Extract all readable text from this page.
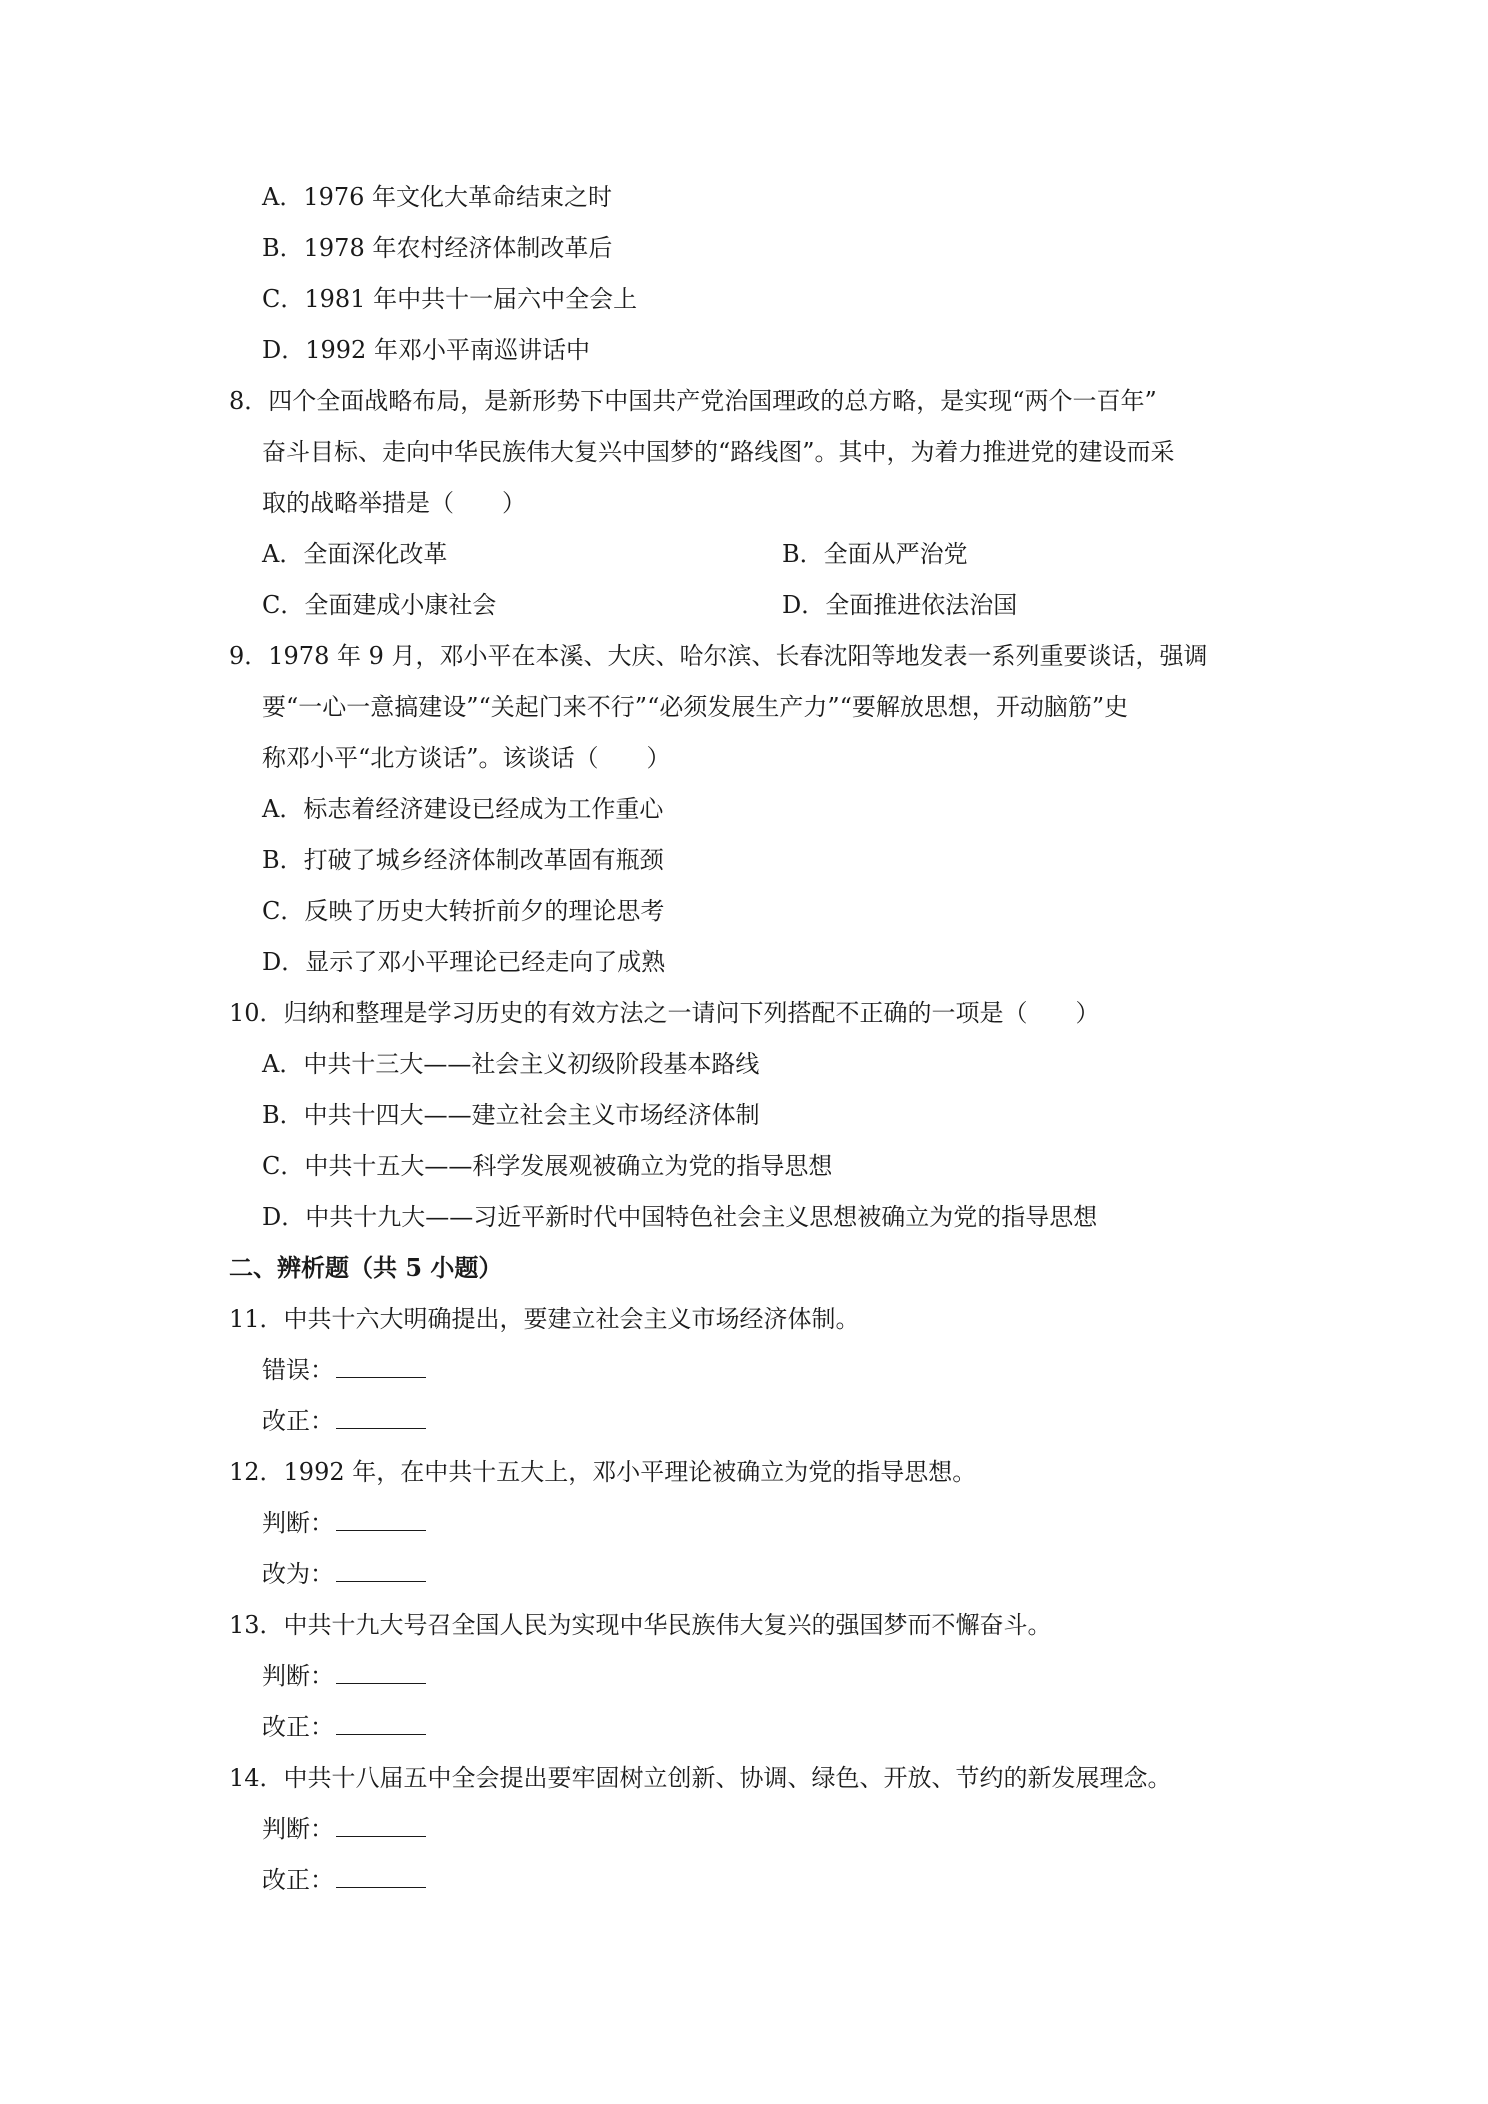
A．1976 年文化大革命结束之时
B．1978 年农村经济体制改革后
C．1981 年中共十一届六中全会上
D．1992 年邓小平南巡讲话中
8．四个全面战略布局，是新形势下中国共产党治国理政的总方略，是实现“两个一百年”
奋斗目标、走向中华民族伟大复兴中国梦的“路线图”。其中，为着力推进党的建设而采
取的战略举措是（　　）
A．全面深化改革	B．全面从严治党
C．全面建成小康社会	D．全面推进依法治国
9．1978 年 9 月，邓小平在本溪、大庆、哈尔滨、长春沈阳等地发表一系列重要谈话，强调
要“一心一意搞建设”“关起门来不行”“必须发展生产力”“要解放思想，开动脑筋”史
称邓小平“北方谈话”。该谈话（　　）
A．标志着经济建设已经成为工作重心
B．打破了城乡经济体制改革固有瓶颈
C．反映了历史大转折前夕的理论思考
D．显示了邓小平理论已经走向了成熟
10．归纳和整理是学习历史的有效方法之一请问下列搭配不正确的一项是（　　）
A．中共十三大——社会主义初级阶段基本路线
B．中共十四大——建立社会主义市场经济体制
C．中共十五大——科学发展观被确立为党的指导思想
D．中共十九大——习近平新时代中国特色社会主义思想被确立为党的指导思想
二、辨析题（共 5 小题）
11．中共十六大明确提出，要建立社会主义市场经济体制。
错误：
改正：
12．1992 年，在中共十五大上，邓小平理论被确立为党的指导思想。
判断：
改为：
13．中共十九大号召全国人民为实现中华民族伟大复兴的强国梦而不懈奋斗。
判断：
改正：
14．中共十八届五中全会提出要牢固树立创新、协调、绿色、开放、节约的新发展理念。
判断：
改正：
